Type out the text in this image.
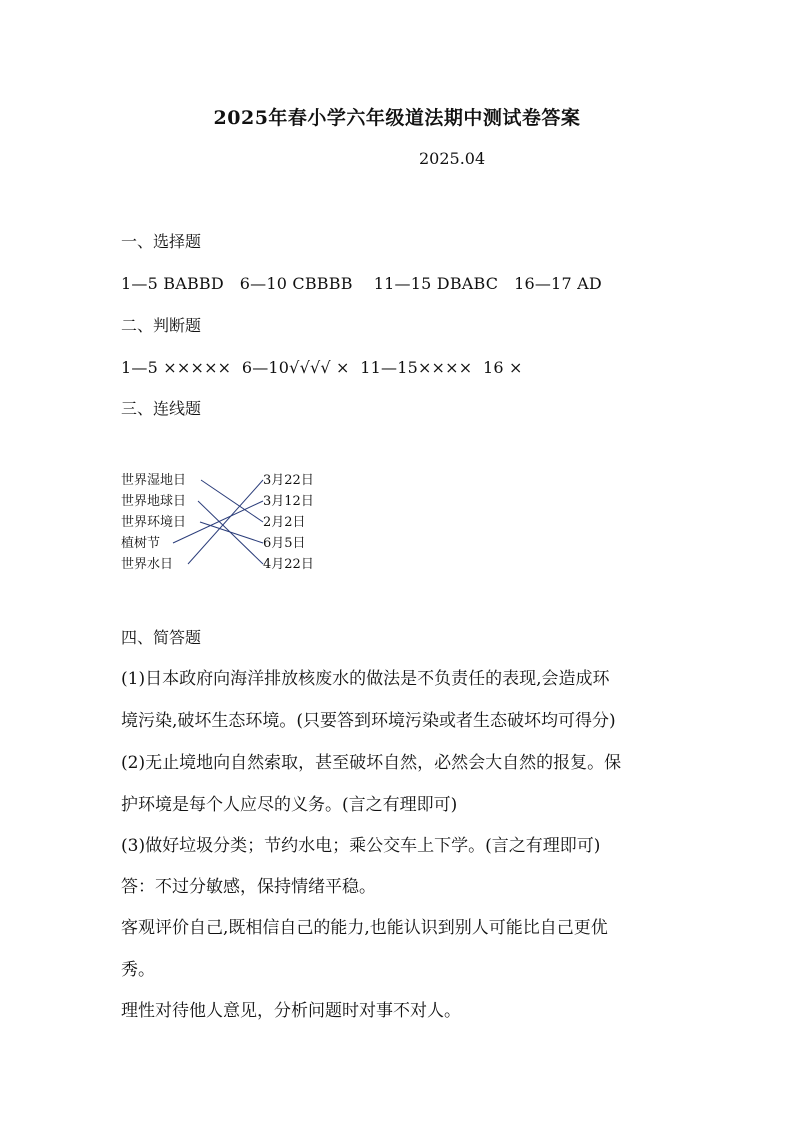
2025年春小学六年级道法期中测试卷答案
2025.04
一、选择题
1—5 BABBD   6—10 CBBBB    11—15 DBABC   16—17 AD
二、判断题
1—5 ×××××  6—10√√√√ ×  11—15××××  16 ×
三、连线题
世界湿地日
世界地球日
世界环境日
植树节
世界水日
3月22日
3月12日
2月2日
6月5日
4月22日
四、简答题
(1)日本政府向海洋排放核废水的做法是不负责任的表现,会造成环
境污染,破坏生态环境。(只要答到环境污染或者生态破坏均可得分)
(2)无止境地向自然索取，甚至破坏自然，必然会大自然的报复。保
护环境是每个人应尽的义务。(言之有理即可)
(3)做好垃圾分类；节约水电；乘公交车上下学。(言之有理即可)
答：不过分敏感，保持情绪平稳。
客观评价自己,既相信自己的能力,也能认识到别人可能比自己更优
秀。
理性对待他人意见，分析问题时对事不对人。
